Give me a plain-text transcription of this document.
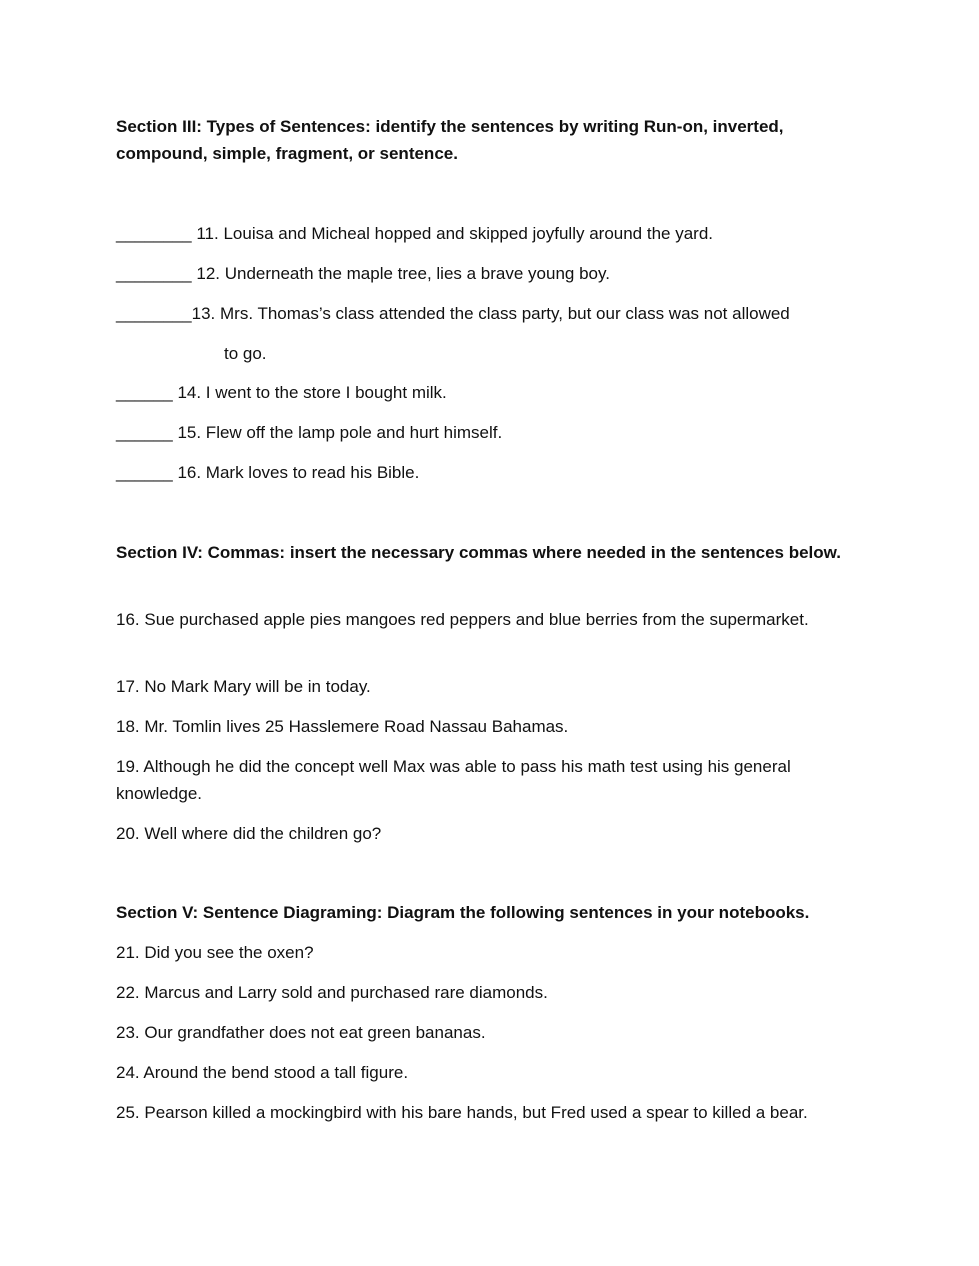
Section III: Types of Sentences: identify the sentences by writing Run-on, inverted, compound, simple, fragment, or sentence.
________ 11. Louisa and Micheal hopped and skipped joyfully around the yard.
________ 12. Underneath the maple tree, lies a brave young boy.
________13. Mrs. Thomas’s class attended the class party, but our class was not allowed
to go.
______ 14. I went to the store I bought milk.
______ 15. Flew off the lamp pole and hurt himself.
______ 16. Mark loves to read his Bible.
Section IV: Commas: insert the necessary commas where needed in the sentences below.
16. Sue purchased apple pies mangoes red peppers and blue berries from the supermarket.
17. No Mark Mary will be in today.
18. Mr. Tomlin lives 25 Hasslemere Road Nassau Bahamas.
19. Although he did the concept well Max was able to pass his math test using his general knowledge.
20. Well where did the children go?
Section V: Sentence Diagraming: Diagram the following sentences in your notebooks.
21. Did you see the oxen?
22. Marcus and Larry sold and purchased rare diamonds.
23. Our grandfather does not eat green bananas.
24. Around the bend stood a tall figure.
25. Pearson killed a mockingbird with his bare hands, but Fred used a spear to killed a bear.
